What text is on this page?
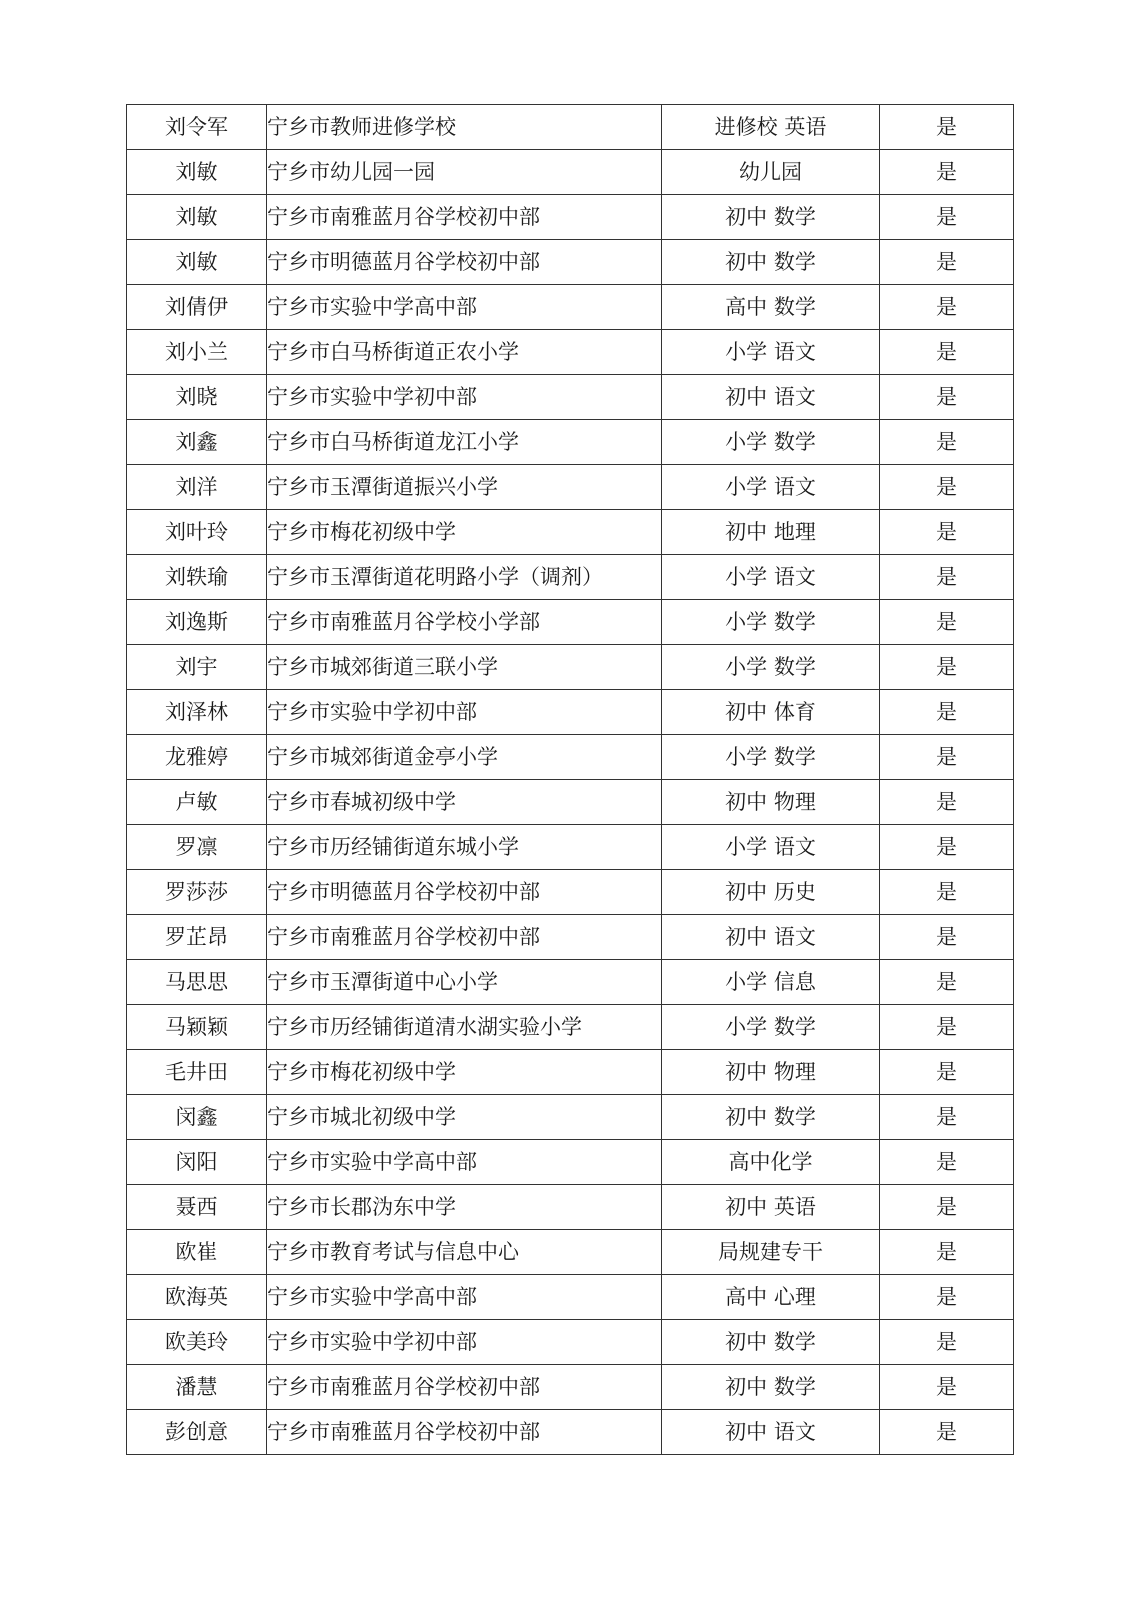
刘令军	宁乡市教师进修学校	进修校 英语	是
刘敏	宁乡市幼儿园一园	幼儿园	是
刘敏	宁乡市南雅蓝月谷学校初中部	初中 数学	是
刘敏	宁乡市明德蓝月谷学校初中部	初中 数学	是
刘倩伊	宁乡市实验中学高中部	高中 数学	是
刘小兰	宁乡市白马桥街道正农小学	小学 语文	是
刘晓	宁乡市实验中学初中部	初中 语文	是
刘鑫	宁乡市白马桥街道龙江小学	小学 数学	是
刘洋	宁乡市玉潭街道振兴小学	小学 语文	是
刘叶玲	宁乡市梅花初级中学	初中 地理	是
刘轶瑜	宁乡市玉潭街道花明路小学（调剂）	小学 语文	是
刘逸斯	宁乡市南雅蓝月谷学校小学部	小学 数学	是
刘宇	宁乡市城郊街道三联小学	小学 数学	是
刘泽林	宁乡市实验中学初中部	初中 体育	是
龙雅婷	宁乡市城郊街道金亭小学	小学 数学	是
卢敏	宁乡市春城初级中学	初中 物理	是
罗凛	宁乡市历经铺街道东城小学	小学 语文	是
罗莎莎	宁乡市明德蓝月谷学校初中部	初中 历史	是
罗芷昂	宁乡市南雅蓝月谷学校初中部	初中 语文	是
马思思	宁乡市玉潭街道中心小学	小学 信息	是
马颖颖	宁乡市历经铺街道清水湖实验小学	小学 数学	是
毛井田	宁乡市梅花初级中学	初中 物理	是
闵鑫	宁乡市城北初级中学	初中 数学	是
闵阳	宁乡市实验中学高中部	高中化学	是
聂西	宁乡市长郡沩东中学	初中 英语	是
欧崔	宁乡市教育考试与信息中心	局规建专干	是
欧海英	宁乡市实验中学高中部	高中 心理	是
欧美玲	宁乡市实验中学初中部	初中 数学	是
潘慧	宁乡市南雅蓝月谷学校初中部	初中 数学	是
彭创意	宁乡市南雅蓝月谷学校初中部	初中 语文	是
